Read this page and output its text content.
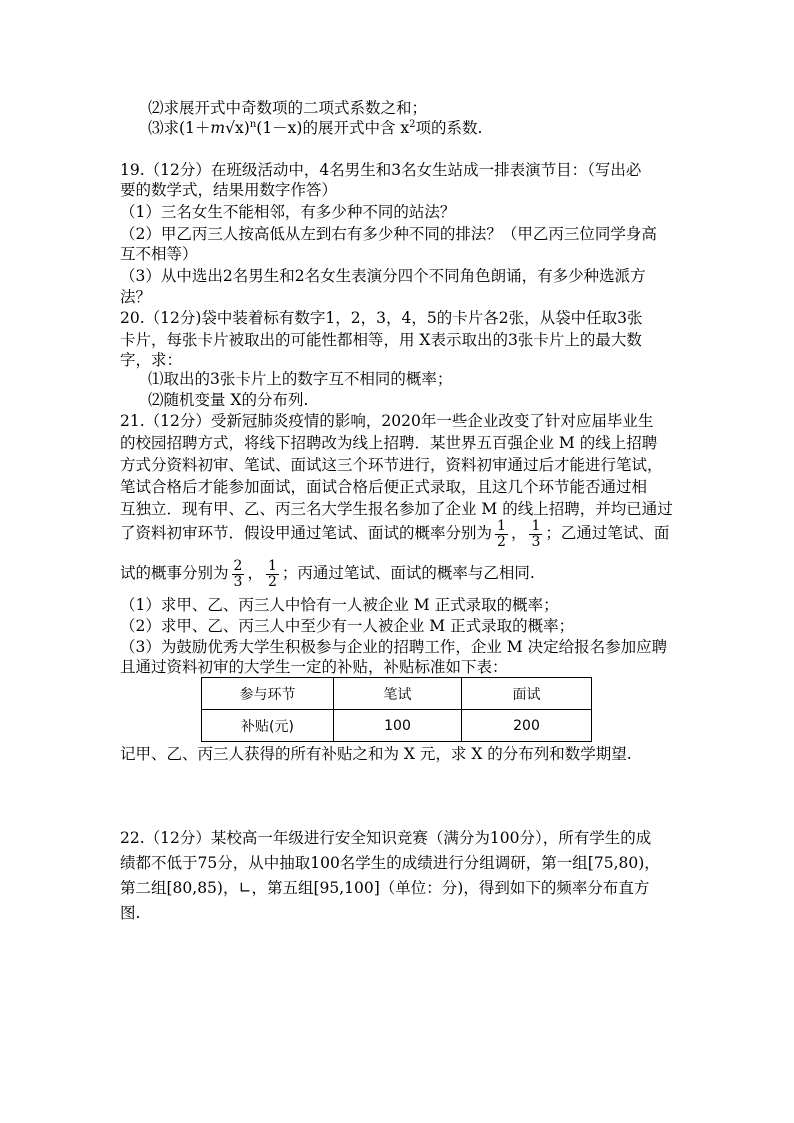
⑵求展开式中奇数项的二项式系数之和；
⑶求$(1+m√x)^n(1-x)$的展开式中含 $x^2$项的系数.
19.（12分）在班级活动中，4名男生和3名女生站成一排表演节目：（写出必
要的数学式，结果用数字作答）
（1）三名女生不能相邻，有多少种不同的站法？
（2）甲乙丙三人按高低从左到右有多少种不同的排法？（甲乙丙三位同学身高
互不相等）
（3）从中选出2名男生和2名女生表演分四个不同角色朗诵，有多少种选派方
法？
20.（12分)袋中装着标有数字1，2，3，4，5的卡片各2张，从袋中任取3张
卡片，每张卡片被取出的可能性都相等，用 X表示取出的3张卡片上的最大数
字，求：
⑴取出的3张卡片上的数字互不相同的概率；
⑵随机变量 X的分布列.
21.（12分）受新冠肺炎疫情的影响，2020年一些企业改变了针对应届毕业生
的校园招聘方式，将线下招聘改为线上招聘．某世界五百强企业 M 的线上招聘
方式分资料初审、笔试、面试这三个环节进行，资料初审通过后才能进行笔试，
笔试合格后才能参加面试，面试合格后便正式录取，且这几个环节能否通过相
互独立．现有甲、乙、丙三名大学生报名参加了企业 M 的线上招聘，并均已通过
了资料初审环节．假设甲通过笔试、面试的概率分别为 $\frac{1}{2}$ ， $\frac{1}{3}$ ；乙通过笔试、面
试的概事分别为 $\frac{2}{3}$ ， $\frac{1}{2}$ ；丙通过笔试、面试的概率与乙相同.
（1）求甲、乙、丙三人中恰有一人被企业 M 正式录取的概率；
（2）求甲、乙、丙三人中至少有一人被企业 M 正式录取的概率；
（3）为鼓励优秀大学生积极参与企业的招聘工作，企业 M 决定给报名参加应聘
且通过资料初审的大学生一定的补贴，补贴标准如下表：
参与环节	笔试	面试
补贴(元)	100	200
记甲、乙、丙三人获得的所有补贴之和为 X 元，求 X 的分布列和数学期望.
22.（12分）某校高一年级进行安全知识竞赛（满分为100分），所有学生的成
绩都不低于75分，从中抽取100名学生的成绩进行分组调研，第一组[75,80)，
第二组[80,85)，∟，第五组[95,100]（单位：分)，得到如下的频率分布直方
图.
